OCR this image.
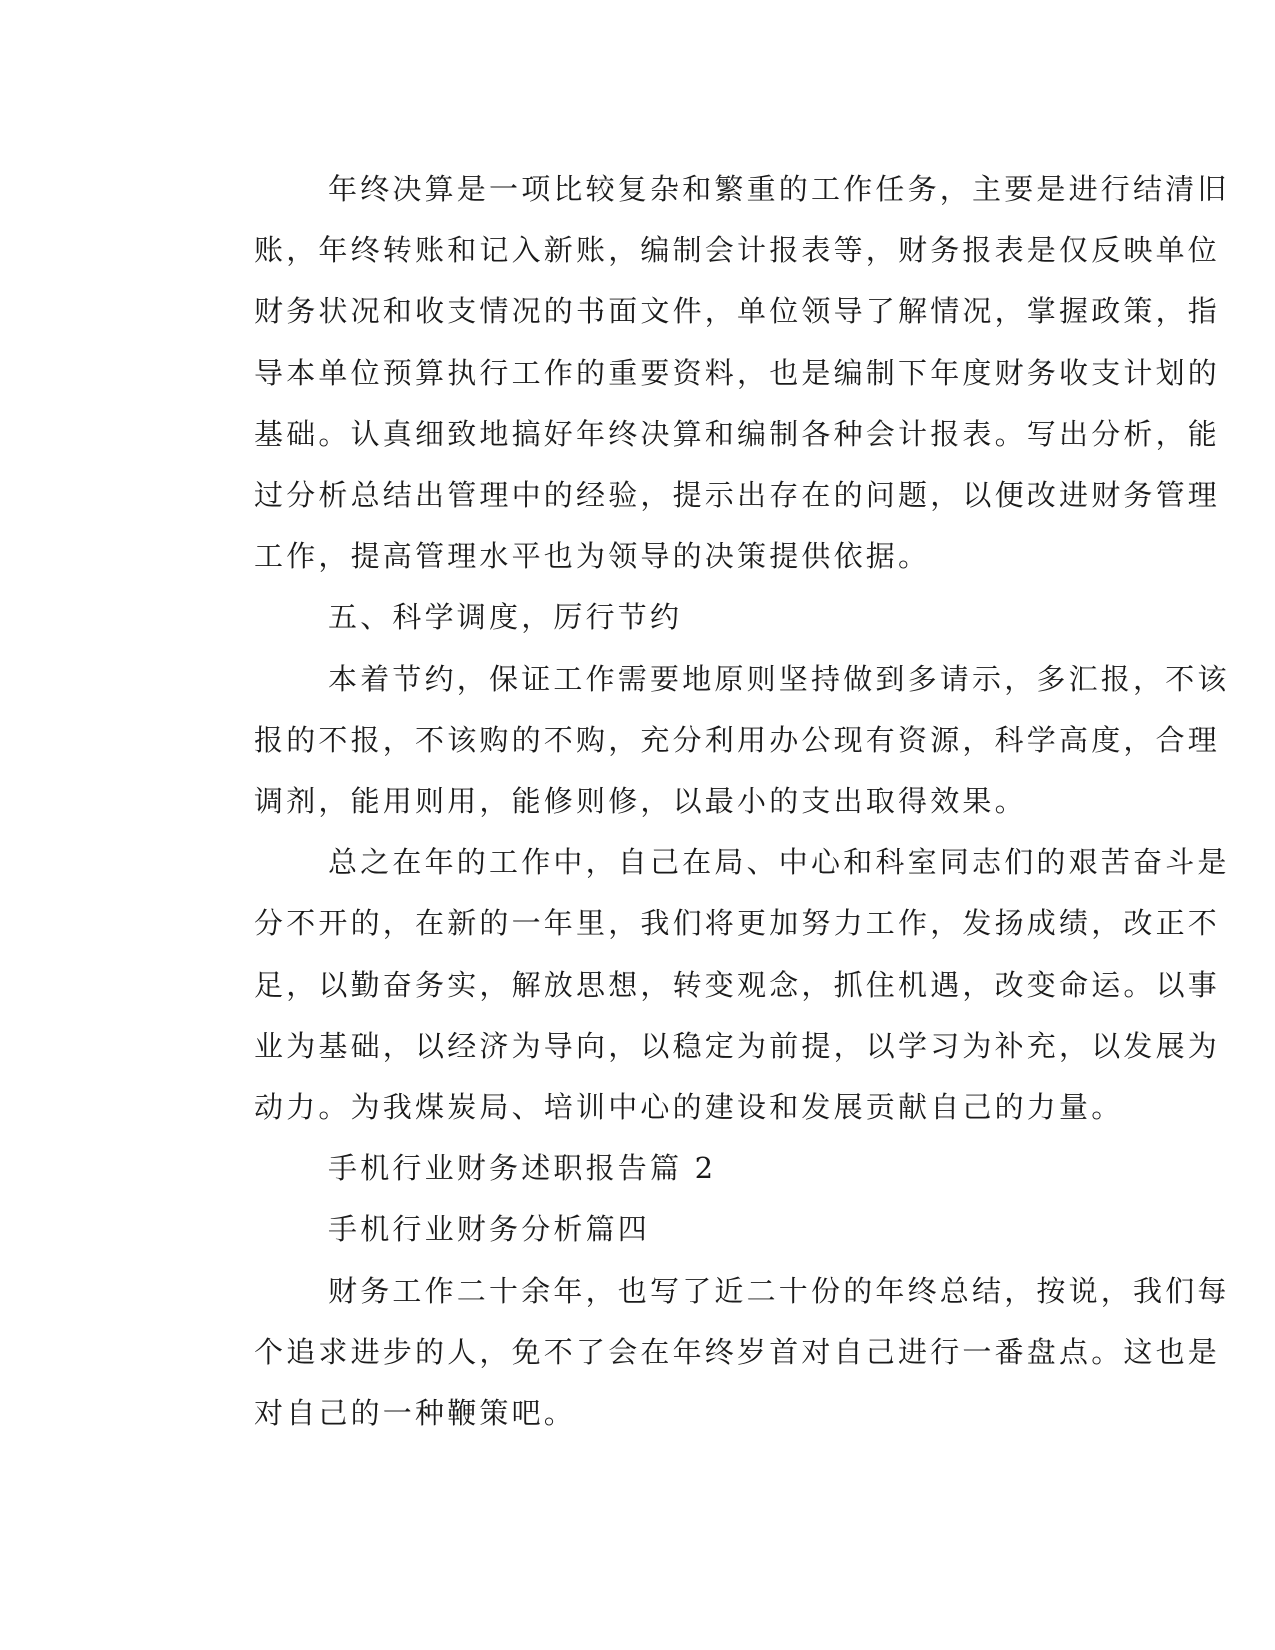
年终决算是一项比较复杂和繁重的工作任务，主要是进行结清旧
账，年终转账和记入新账，编制会计报表等，财务报表是仅反映单位
财务状况和收支情况的书面文件，单位领导了解情况，掌握政策，指
导本单位预算执行工作的重要资料，也是编制下年度财务收支计划的
基础。认真细致地搞好年终决算和编制各种会计报表。写出分析，能
过分析总结出管理中的经验，提示出存在的问题，以便改进财务管理
工作，提高管理水平也为领导的决策提供依据。
五、科学调度，厉行节约
本着节约，保证工作需要地原则坚持做到多请示，多汇报，不该
报的不报，不该购的不购，充分利用办公现有资源，科学高度，合理
调剂，能用则用，能修则修，以最小的支出取得效果。
总之在年的工作中，自己在局、中心和科室同志们的艰苦奋斗是
分不开的，在新的一年里，我们将更加努力工作，发扬成绩，改正不
足，以勤奋务实，解放思想，转变观念，抓住机遇，改变命运。以事
业为基础，以经济为导向，以稳定为前提，以学习为补充，以发展为
动力。为我煤炭局、培训中心的建设和发展贡献自己的力量。
手机行业财务述职报告篇 2
手机行业财务分析篇四
财务工作二十余年，也写了近二十份的年终总结，按说，我们每
个追求进步的人，免不了会在年终岁首对自己进行一番盘点。这也是
对自己的一种鞭策吧。
